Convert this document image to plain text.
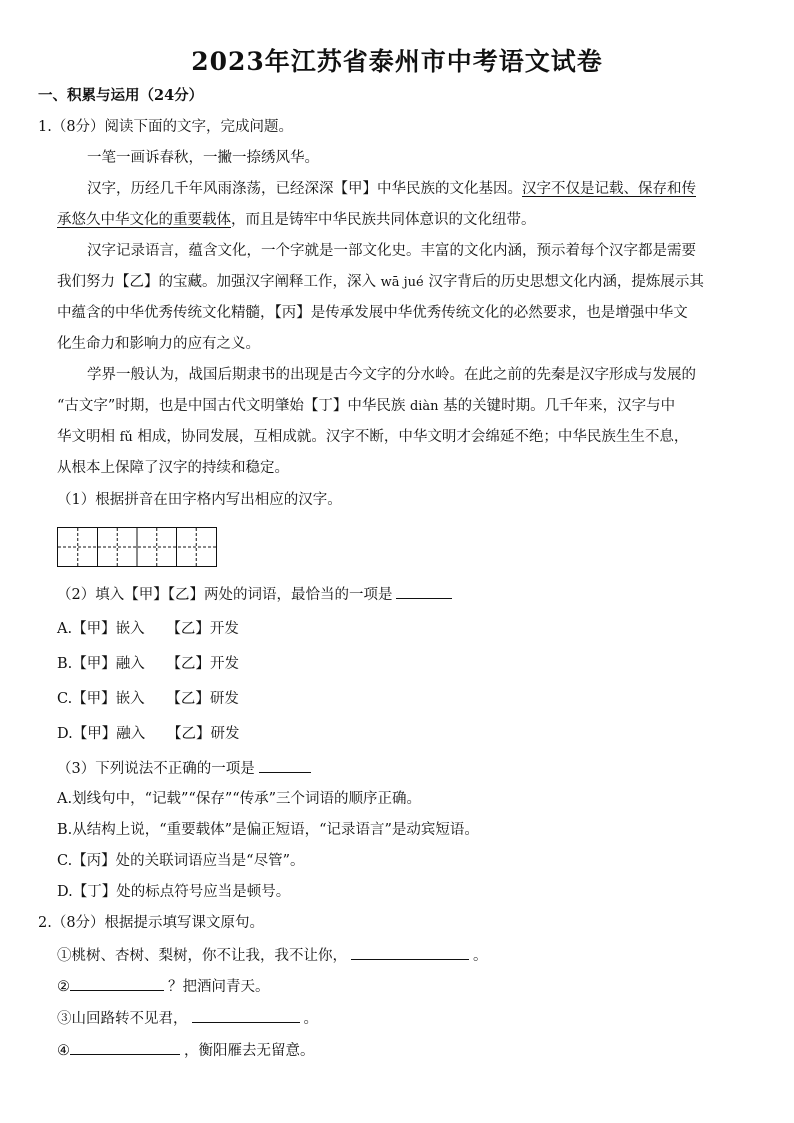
2023年江苏省泰州市中考语文试卷
一、积累与运用（24分）
1.（8分）阅读下面的文字，完成问题。
一笔一画诉春秋，一撇一捺绣风华。
汉字，历经几千年风雨涤荡，已经深深【甲】中华民族的文化基因。汉字不仅是记载、保存和传
承悠久中华文化的重要载体，而且是铸牢中华民族共同体意识的文化纽带。
汉字记录语言，蕴含文化，一个字就是一部文化史。丰富的文化内涵，预示着每个汉字都是需要
我们努力【乙】的宝藏。加强汉字阐释工作，深入 wā jué 汉字背后的历史思想文化内涵，提炼展示其
中蕴含的中华优秀传统文化精髓，【丙】是传承发展中华优秀传统文化的必然要求，也是增强中华文
化生命力和影响力的应有之义。
学界一般认为，战国后期隶书的出现是古今文字的分水岭。在此之前的先秦是汉字形成与发展的
“古文字”时期，也是中国古代文明肇始【丁】中华民族 diàn 基的关键时期。几千年来，汉字与中
华文明相 fǔ 相成，协同发展，互相成就。汉字不断，中华文明才会绵延不绝；中华民族生生不息，
从根本上保障了汉字的持续和稳定。
（1）根据拼音在田字格内写出相应的汉字。
（2）填入【甲】【乙】两处的词语，最恰当的一项是
A.【甲】嵌入　　【乙】开发
B.【甲】融入　　【乙】开发
C.【甲】嵌入　　【乙】研发
D.【甲】融入　　【乙】研发
（3）下列说法不正确的一项是
A.划线句中，“记载”“保存”“传承”三个词语的顺序正确。
B.从结构上说，“重要载体”是偏正短语，“记录语言”是动宾短语。
C.【丙】处的关联词语应当是“尽管”。
D.【丁】处的标点符号应当是顿号。
2.（8分）根据提示填写课文原句。
①桃树、杏树、梨树，你不让我，我不让你，	。
②	？把酒问青天。
③山回路转不见君，	。
④	，衡阳雁去无留意。
